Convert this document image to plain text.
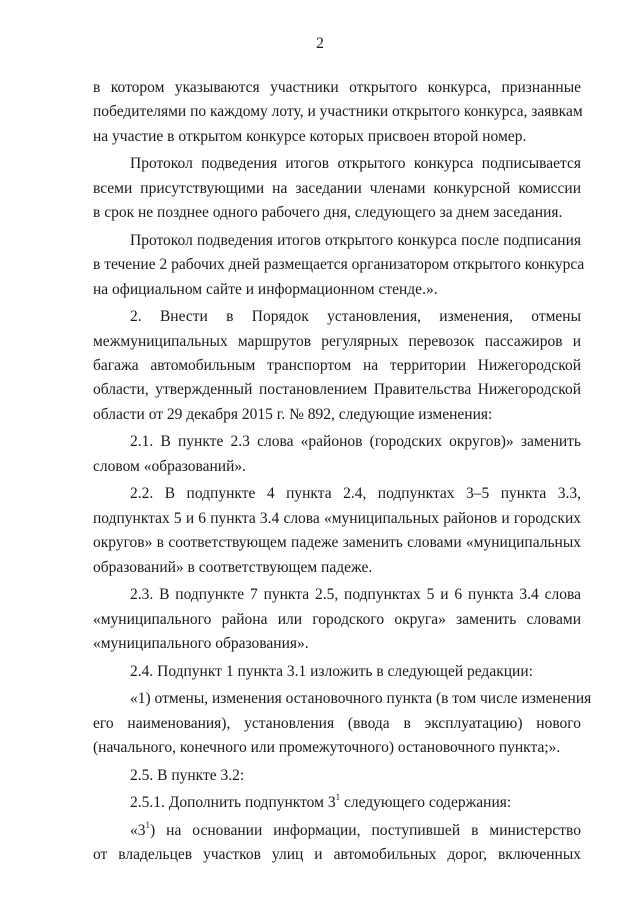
2
в котором указываются участники открытого конкурса, признанные
победителями по каждому лоту, и участники открытого конкурса, заявкам
на участие в открытом конкурсе которых присвоен второй номер.
Протокол подведения итогов открытого конкурса подписывается
всеми присутствующими на заседании членами конкурсной комиссии
в срок не позднее одного рабочего дня, следующего за днем заседания.
Протокол подведения итогов открытого конкурса после подписания
в течение 2 рабочих дней размещается организатором открытого конкурса
на официальном сайте и информационном стенде.».
2. Внести в Порядок установления, изменения, отмены
межмуниципальных маршрутов регулярных перевозок пассажиров и
багажа автомобильным транспортом на территории Нижегородской
области, утвержденный постановлением Правительства Нижегородской
области от 29 декабря 2015 г. № 892, следующие изменения:
2.1. В пункте 2.3 слова «районов (городских округов)» заменить
словом «образований».
2.2. В подпункте 4 пункта 2.4, подпунктах 3–5 пункта 3.3,
подпунктах 5 и 6 пункта 3.4 слова «муниципальных районов и городских
округов» в соответствующем падеже заменить словами «муниципальных
образований» в соответствующем падеже.
2.3. В подпункте 7 пункта 2.5, подпунктах 5 и 6 пункта 3.4 слова
«муниципального района или городского округа» заменить словами
«муниципального образования».
2.4. Подпункт 1 пункта 3.1 изложить в следующей редакции:
«1) отмены, изменения остановочного пункта (в том числе изменения
его наименования), установления (ввода в эксплуатацию) нового
(начального, конечного или промежуточного) остановочного пункта;».
2.5. В пункте 3.2:
2.5.1. Дополнить подпунктом $3^1$ следующего содержания:
«$3^1$) на основании информации, поступившей в министерство
от владельцев участков улиц и автомобильных дорог, включенных
